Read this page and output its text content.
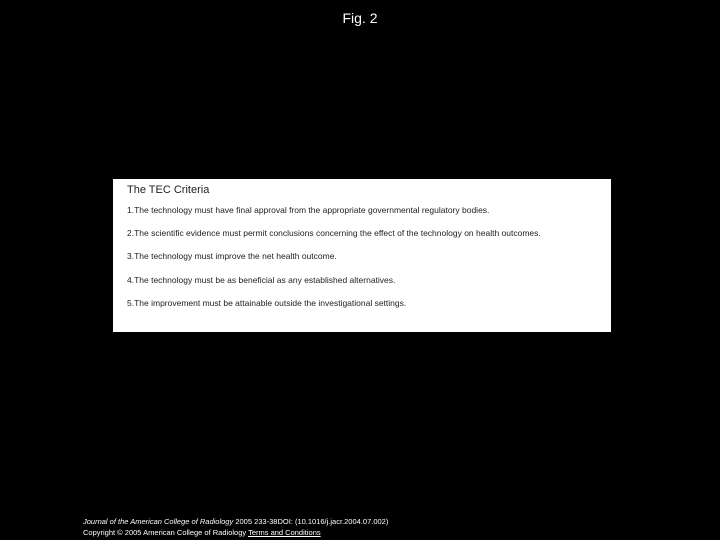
Fig. 2
The TEC Criteria
1.The technology must have final approval from the appropriate governmental regulatory bodies.
2.The scientific evidence must permit conclusions concerning the effect of the technology on health outcomes.
3.The technology must improve the net health outcome.
4.The technology must be as beneficial as any established alternatives.
5.The improvement must be attainable outside the investigational settings.
Journal of the American College of Radiology 2005 233-38DOI: (10.1016/j.jacr.2004.07.002)
Copyright © 2005 American College of Radiology Terms and Conditions
